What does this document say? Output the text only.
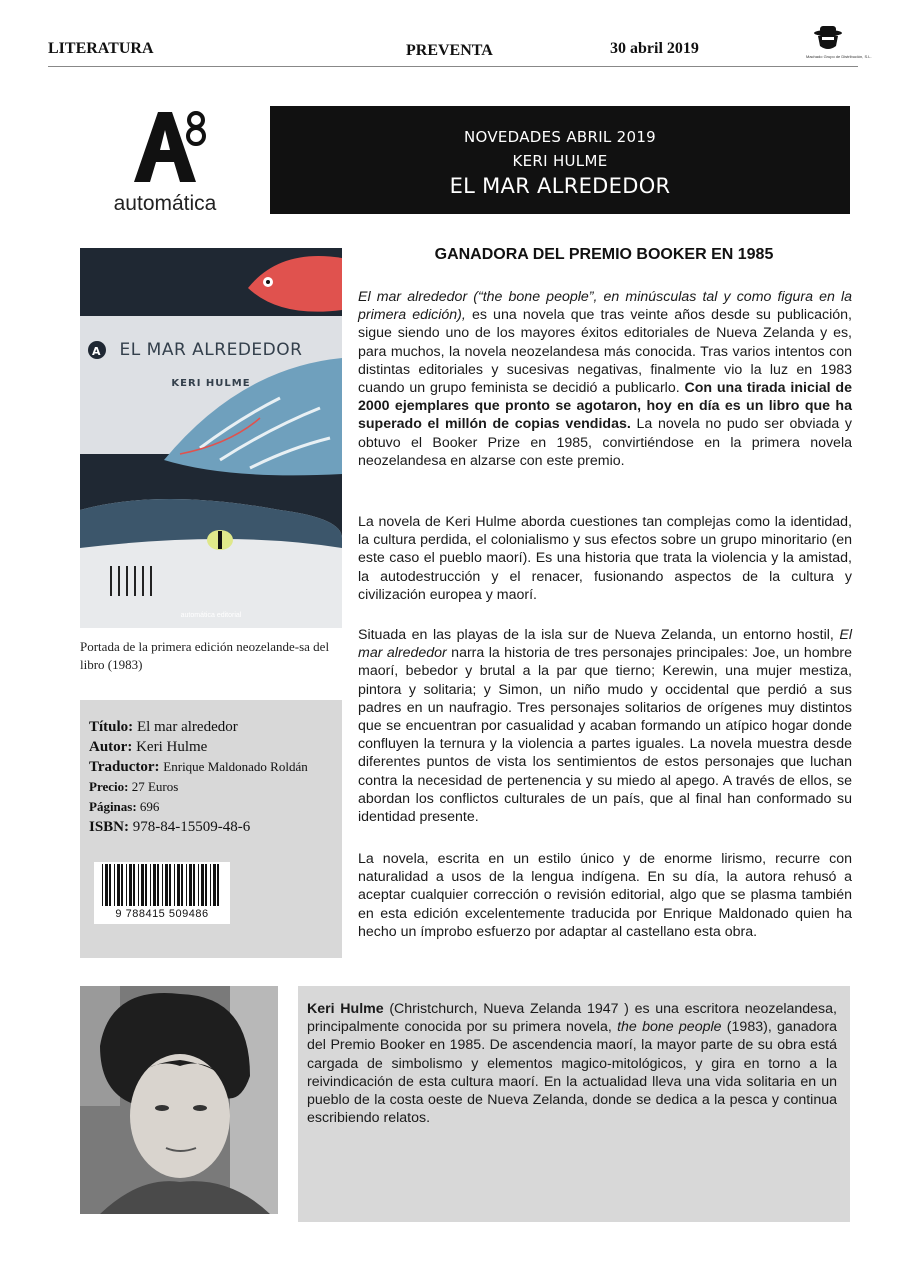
LITERATURA	PREVENTA	30 abril 2019	Machado Grupo de Distribución, S.L.
automática
NOVEDADES ABRIL 2019
KERI HULME
EL MAR ALREDEDOR
A	EL MAR ALREDEDOR
KERI HULME
automática editorial
Portada de la primera edición neozelande-sa del libro (1983)
Título: El mar alrededor
Autor: Keri Hulme
Traductor: Enrique Maldonado Roldán
Precio: 27 Euros
Páginas: 696
ISBN: 978-84-15509-48-6
9 788415 509486
GANADORA DEL PREMIO BOOKER EN 1985
El mar alrededor (“the bone people”, en minúsculas tal y como figura en la primera edición), es una novela que tras veinte años desde su publicación, sigue siendo uno de los mayores éxitos editoriales de Nueva Zelanda y es, para muchos, la novela neozelandesa más conocida. Tras varios intentos con distintas editoriales y sucesivas negativas, finalmente vio la luz en 1983 cuando un grupo feminista se decidió a publicarlo. Con una tirada inicial de 2000 ejemplares que pronto se agotaron, hoy en día es un libro que ha superado el millón de copias vendidas. La novela no pudo ser obviada y obtuvo el Booker Prize en 1985, convirtiéndose en la primera novela neozelandesa en alzarse con este premio.
La novela de Keri Hulme aborda cuestiones tan complejas como la identidad, la cultura perdida, el colonialismo y sus efectos sobre un grupo minoritario (en este caso el pueblo maorí). Es una historia que trata la violencia y la amistad, la autodestrucción y el renacer, fusionando aspectos de la cultura y civilización europea y maorí.
Situada en las playas de la isla sur de Nueva Zelanda, un entorno hostil, El mar alrededor narra la historia de tres personajes principales: Joe, un hombre maorí, bebedor y brutal a la par que tierno; Kerewin, una mujer mestiza, pintora y solitaria; y Simon, un niño mudo y occidental que perdió a sus padres en un naufragio. Tres personajes solitarios de orígenes muy distintos que se encuentran por casualidad y acaban formando un atípico hogar donde confluyen la ternura y la violencia a partes iguales. La novela muestra desde diferentes puntos de vista los sentimientos de estos personajes que luchan contra la necesidad de pertenencia y su miedo al apego. A través de ellos, se abordan los conflictos culturales de un país, que al final han conformado su identidad presente.
La novela, escrita en un estilo único y de enorme lirismo, recurre con naturalidad a usos de la lengua indígena. En su día, la autora rehusó a aceptar cualquier corrección o revisión editorial, algo que se plasma también en esta edición excelentemente traducida por Enrique Maldonado quien ha hecho un ímprobo esfuerzo por adaptar al castellano esta obra.
Keri Hulme (Christchurch, Nueva Zelanda 1947 ) es una escritora neozelandesa, principalmente conocida por su primera novela, the bone people (1983), ganadora del Premio Booker en 1985. De ascendencia maorí, la mayor parte de su obra está cargada de simbolismo y elementos magico-mitológicos, y gira en torno a la reivindicación de esta cultura maorí. En la actualidad lleva una vida solitaria en un pueblo de la costa oeste de Nueva Zelanda, donde se dedica a la pesca y continua escribiendo relatos.
